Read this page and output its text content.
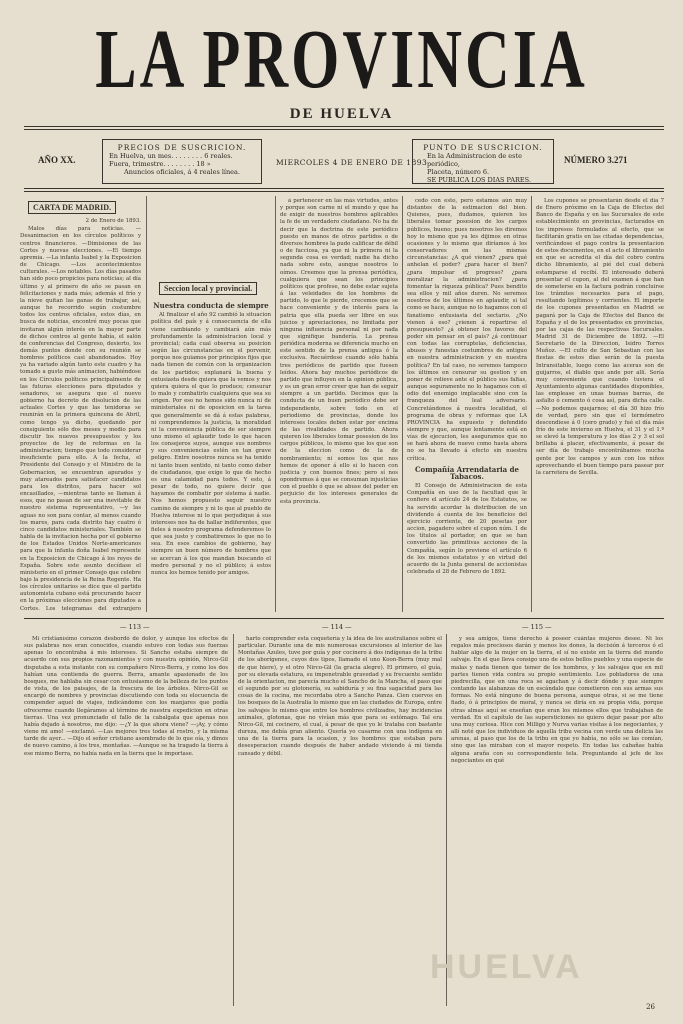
LA PROVINCIA
DE HUELVA
AÑO XX.
PRECIOS DE SUSCRICION.
En Huelva, un mes. . . . . . . . 6 reales.
Fuera, trimestre. . . . . . . . 18 »
Anuncios oficiales, á 4 reales línea.
MIERCOLES 4 DE ENERO DE 1893
PUNTO DE SUSCRICION.
En la Administracion de este periódico,
Placeta, número 6.
SE PUBLICA LOS DIAS PARES.
NÚMERO 3.271
CARTA DE MADRID.

2 de Enero de 1893.

Malos días para noticias. —Desanimacion en los círculos políticos y centros financieros. —Dimisiones de las Cortes y nuevas elecciones. —El tiempo apremia. —La infanta Isabel y la Exposicion de Chicago. —Los acontecimientos culturales. —Los notables. Los días pasados han sido poco propicios para noticias; al día último y al primero de año se pasan en felicitaciones y nada más; además el frío y la nieve quitan las ganas de trabajar, así, aunque he recorrido según costumbre todos los centros oficiales, estos días, en busca de noticias, encontré muy pocas que invitaran algún interés en la mayor parte de dichos centros al gente había, el salón de conferencias del Congreso, desierto, los demás puntos donde con su reunión se hombres políticos casi abandonados. Hoy ya ha variado algún tanto este cuadro y ha tomado a gusto más animacion, habiéndose en los Círculos políticos principalmente de las futuras elecciones para diputados y senadores, se asegura que el nuevo gobierno ha decreto de disolucion de las actuales Cortes y que las tenidoras se reunirán en la primera quincena de Abril, como tengo ya dicho, quedando por consiguiente sólo dos meses y medio para discutir los nuevos presupuestos y los proyectos de ley de reformas en la administracion; tiempo que todo considerar insuficiente para ello. A la fecha, el Presidente del Consejo y el Ministro de la Gobernacion, se encuentran apurados y muy atareados para satisfacer candidatos para los distritos, para hacer sol encasillados, —mientras tanto se llaman á esos, que no pasan de ser una inevitable de nuestro sistema representativo, —y las aguas no son para contar, al menos cuando los mares, para cada distrito hay cuatro ó cinco candidatos ministeriales. También se habla de la invitacion hecha por el gobierno de los Estados Unidos Norte-americanos para que la infanta doña Isabel represente en la Exposicion de Chicago á los reyes de España. Sobre este asunto decídase el ministerio en el primer Consejo que celebre bajo la presidencia de la Reina Regente. Ha los círculos unitarios se dice que el partido autonomista cubano está procurando hacer en la próximas elecciones para diputados a Cortes. Los telegramas del extranjero

Seccion local y provincial.
Nuestra conducta de siempre

Al finalizar el año 92 cambió la situacion política del país y á consecuencia de ella viene cambiando y cambiará aún más profundamente la administracion local y provincial; cada cual observa su posicion según las circunstancias en el porvenir, porque nos guiamos por principios fijos que nada tienen de común con la organizacion de los partidos; explanará la buena y entusiasta desde quiera que la vemos y nos quiera quiera el que lo produce; censurar lo malo y combatirlo cualquiera que sea su origen. Por eso no hemos sido nunca ni de ministeriales ni de oposicion en la tarea que generalmente se dá á estas palabras, ni comprendemos la justicia, la moralidad ni la conveniencia pública de ser siempre uno mismo el aplaudir todo lo que hacen los consejeros suyos, aunque sus nombres y sus conveniencias estén en tan grave peligro. Entre nosotros nunca se ha tenido ni tanto buen sentido, ni tanto como deber de ciudadanos, que exige lo que de hecho es una calamidad para todos. Y esto, á pesar de todo, no quiere decir que hayamos de combatir por sistema á nadie. Nos hemos propuesto seguir nuestro camino de siempre y ni lo que al pueblo de Huelva interese ni lo que perjudique á sus intereses nos ha de hallar indiferentes, que fieles á nuestro programa defenderemos lo que sea justo y combatiremos lo que no lo sea. En esos cambios de gobierno, hay siempre un buen número de hombres que se acercan á los que mandan buscando el medro personal y no el público; á estos nunca los hemos tenido por amigos.

á pertenecer en las más virtudes, antes y porque son carne ni el mundo y que ha de exigir de nuestros hombres aplicables la fe de un verdadero ciudadano. No ha de decir que la doctrina de este periódico puesto en manos de otros partidos o de diversos hombres la pudo calificar de débil o de facciosa, ya que ni la primera ni la segunda cosa es verdad; nadie ha dicho nada sobre esto, aunque nosotros lo oímos. Creemos que la prensa periódica, cualquiera que sean los principios políticos que profese, no debe estar sujeta á las veleidades de los hombres de partido, lo que le pierde, crecemos que se hace conveniente y de interés para la patria que ella pueda ser libre en sus juicios y apreciaciones, no limitada por ninguna influencia personal ni por nada que signifique bandería. La prensa periódica moderna se diferencia mucho en este sentido de la prensa antigua ó la exclusiva. Recuérdese cuando sólo había tres periódicos de partido que fuesen leídos. Ahora hay muchos periódicos de partido que influyen en la opinion pública, y es un gran error creer que han de seguir siempre a un partido. Decimos que la conducta de un buen periódico debe ser independiente, sobre todo en el periodismo de provincias, donde los intereses locales deben estar por encima de las rivalidades de partido. Ahora quieren los liberales tomar posesion de los cargos públicos, lo mismo que los que son de la eleccion como de la de nombramiento; ni somos los que nos hemos de oponer á ello si lo hacen con justicia y con buenos fines; pero sí nos opondremos á que se consuman injusticias con el pueblo ó que se abuse del poder en perjuicio de los intereses generales de esta provincia.

cedo con esto, pero estamos aún muy distantes de la estimacion del bien. Quienes, pues, dudamos, quieren los liberales tomar posesion de los cargos públicos, bueno; pues nosotros les diremos hoy lo mismo que ya les dijimos en otras ocasiones y lo mismo que diríamos á los conservadores en las mismas circunstancias: ¿A qué vienen? ¿para qué anhelan el poder? ¿para hacer el bien? ¿para impulsar el progreso? ¿para moralizar la administracion? ¿para fomentar la riqueza pública? Pues bendito sea ellos y mil años duren. No seremos nosotros de los últimos en aplaudir, si tal como se hace, aunque no lo hagamos con el fanatismo entusiasta del sectario. ¿No vienen á eso? ¿vienen á repartirse el presupuesto? ¿á obtener los favores del poder sin pensar en el país? ¿á continuar con todas las corruptelas, deficiencias, abusos y funestas costumbres de antiguo en nuestra administracion y en nuestra política? En tal caso, no seremos tampoco los últimos en censurar su gestion y en poner de relieve ante el público sus faltas, aunque seguramente no lo hagamos con el odio del enemigo implacable sino con la franqueza del leal adversario. Concretándonos á nuestra localidad, el programa de obras y reformas que LA PROVINCIA ha expuesto y defendido siempre y que, aunque lentamente está en vías de ejecucion, les aseguramos que no se hará ahora de nuevo como hasta ahora no se ha llevado á efecto sin nuestra crítica.

Compañía Arrendataria de Tabacos.

El Consejo de Administracion de esta Compañía en uso de la facultad que le confiere el artículo 24 de los Estatutos, se ha servido acordar la distribucion de un dividendo á cuenta de los beneficios del ejercicio corriente, de 20 pesetas por accion, pagadero sobre el cupon núm. 1 de los títulos al portador, en que se han convertido las primitivas acciones de la Compañía, según lo previene el artículo 6 de los mismos estatutos y en virtud del acuerdo de la Junta general de accionistas celebrada el 28 de Febrero de 1892.

Los cupones se presentarán desde el día 7 de Enero próximo en la Caja de Efectos del Banco de España y en las Sucursales de este establecimiento en provincias, facturados en los impresos formulados al efecto, que se facilitarán gratis en las citadas dependencias, verificándose el pago contra la presentacion de estos documentos, en el acto el libramiento en que se acredita el día del cobro contra dicho libramiento, al pié del cual deberá estamparse el recibí. El interesado deberá presentar el cupon, al del examen á que han de someterse en la factura podrán concluirse los trámites necesarios para el pago, resultando legítimos y corrientes. El importe de los cupones presentados en Madrid se pagará por la Caja de Efectos del Banco de España y el de los presentados en provincias, por las cajas de las respectivas Sucursales. Madrid 31 de Diciembre de 1892. —El Secretario de la Direccion, Isidro Torres Muñoz. —El culto de San Sebastian con las fiestas de estos días serán de la puesta Intransitable, luego como las aceras son de guijarros, el diablo que ande por allí. Sería muy conveniente que cuando tuviera el Ayuntamiento algunas cantidades disponibles, las emplease en unas buenas barras, de asfalto ó cemento ó cosa así, para dicha calle. —No podemos quejarnos; el día 30 hizo frío de verdad, pero sin que el termómetro descendiese á 0 (cero grado) y fué el día más frío de este invierno en Huelva, el 31 y el 1.º se elevó la temperatura y los días 2 y 3 el sol brillaba á placer, efectivamente, á pesar de ser día de trabajo encontrábamos mucha gente por los campos y aun con los niños aprovechando el buen tiempo para pasear por la carretera de Sevilla.

— 113 —	— 114 —	— 115 —

Mi cristianísimo corazón desbordó de dolor, y aunque los efectos de sus palabras nos eran conocidos, cuando estuvo con todas sus fuerzas apenas lo encontraba á mis intereses. Si Sancho estaba siempre de acuerdo con sus propios razonamientos y con nuestra opinión, Nirco-Gil disputaba a esta instante con su compañero Nirco-Berra, y como los dos habían una contienda de guerra. Berra, amante apasionado de los bosques, me hablaba sin cesar con entusiasmo de la belleza de los puntos de vista, de los paisajes, de la frescura de los árboles. Nirco-Gil se encargó de nombres y provincias discutiendo con toda su elocuencia de compender aquel de viajes, indicándome con los manjares que podía ofrecerme cuando llegáramos al término de nuestra expedicion en otras tierras. Una vez pronunciado el fallo de la cabalgata que apenas nos había dejado á nosotros, me dijo: —¿Y la que ahora viene? —¡Ay, y cómo viene mi amo! —exclamó. —Las mejores tres todas al rostro, y la misma tarde de ayer... —Dijo el señor cristiano asombrado de lo que oía, y dimos de nuevo camino, á los tres, montañas. —Aunque se ha tragado la tierra á ese mismo Berra, no había nada en la tierra que le importase.

harto comprender esta coquetería y la idea de los australianos sobre el particular. Durante una de mis numerosas excursiones al interior de las Montañas Azules, tuve por guía y por cocinero á dos indígenas de la tribu de los aborígenes, cuyos dos tipos, llamado el uno Koon-Berra (muy mal de que hiere), y el otro Nirco-Gil (la gracia alegre). El primero, el guía, por su elevada estatura, su impenetrable gravedad y su frecuente sentido de la orientacion, me parecía mucho el Sancho de la Mancha, el paso que el segundo por su glotonería, su sabiduría y su fina sagacidad para las cosas de la cocina, me recordaba otro a Sancho Panza. Cien cuervos en los bosques de la Australia lo mismo que en las ciudades de Europa, entre los salvajes lo mismo que entre los hombres civilizados, hay incidencias animales, glotonas, que no vivían más que para su estómago. Tal era Nirco-Gil, mi cocinero, el cual, á pesar de que yo le trataba con bastante dureza, me debía gran aliento. Quería yo casarme con una indígena en una de la tierra para la ocasion, y los hombres que estaban para desesperacion cuando después de haber andado viviendo á mi tienda cansado y débil.

y sea amigos, tiene derecho á poseer cuántas mujeres desee. Ni los regalos más preciosos darán y menos los dones, la decisión á terceros ó el hablar algo de la mujer en la tierra, el sí no existe en la tierra del mundo salvaje. En el que lleva consigo uno de estos bellos pueblos y una especie de malas y nada tienen que temer de los hombres, y los salvajes que en mil partes tienen vida contra su propio sentimiento. Los pobladores de una piedrecilla, que en una roca se agachan y á decir dónde y que siempre contando las alabanzas de un escándalo que cometieron con sus armas sus formas. No está ninguno de buena persona, aunque otras, si se me tiene fiado, ó á principios de moral, y nunca se diría en su propia vida, porque otras almas aquí se enseñan que eran los mismos ellos que trabajaban de verdad. En el capítulo de las supersticiones no quiero dejar pasar por alto una muy curiosa. Hice con Milligo y Nurva varias visitas á los negociantes, y allí noté que los individuos de aquella tribu vecina con verde una delicia las arenas, al paso que los de la tribu en que yo había, no sólo se las comían, sino que las miraban con el mayor respeto. En todas las cabañas había alguna araña con su correspondiente tela. Preguntando al jefe de los negociantes en qué

HUELVA
26
